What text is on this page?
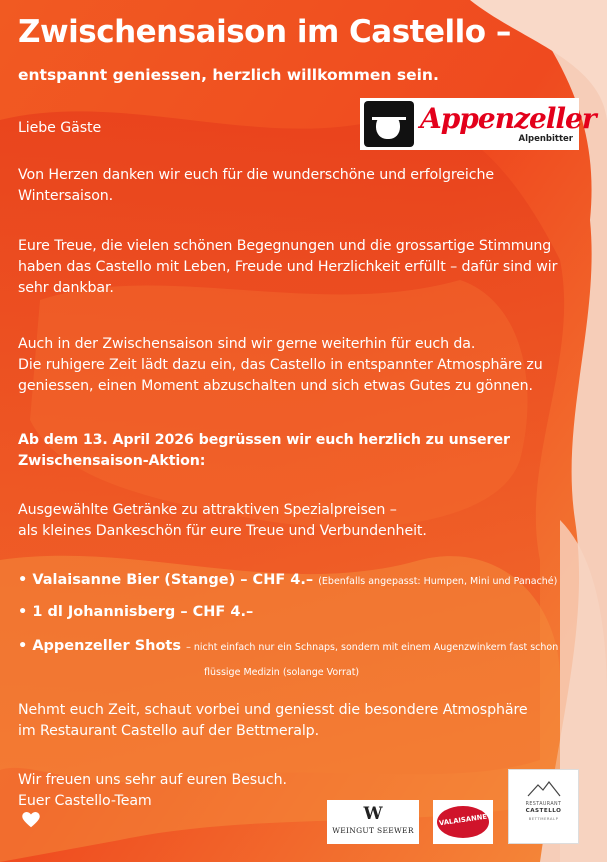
Zwischensaison im Castello –
entspannt geniessen, herzlich willkommen sein.
Appenzeller
Alpenbitter

Liebe Gäste

Von Herzen danken wir euch für die wunderschöne und erfolgreiche
Wintersaison.

Eure Treue, die vielen schönen Begegnungen und die grossartige Stimmung
haben das Castello mit Leben, Freude und Herzlichkeit erfüllt – dafür sind wir
sehr dankbar.

Auch in der Zwischensaison sind wir gerne weiterhin für euch da.
Die ruhigere Zeit lädt dazu ein, das Castello in entspannter Atmosphäre zu
geniessen, einen Moment abzuschalten und sich etwas Gutes zu gönnen.

Ab dem 13. April 2026 begrüssen wir euch herzlich zu unserer
Zwischensaison-Aktion:

Ausgewählte Getränke zu attraktiven Spezialpreisen –
als kleines Dankeschön für eure Treue und Verbundenheit.

• Valaisanne Bier (Stange) – CHF 4.– (Ebenfalls angepasst: Humpen, Mini und Panaché)

• 1 dl Johannisberg – CHF 4.–

• Appenzeller Shots – nicht einfach nur ein Schnaps, sondern mit einem Augenzwinkern fast schon

flüssige Medizin (solange Vorrat)

Nehmt euch Zeit, schaut vorbei und geniesst die besondere Atmosphäre
im Restaurant Castello auf der Bettmeralp.

Wir freuen uns sehr auf euren Besuch.
Euer Castello-Team

W
WEINGUT SEEWER
VALAISANNE
RESTAURANT
CASTELLO
BETTMERALP
